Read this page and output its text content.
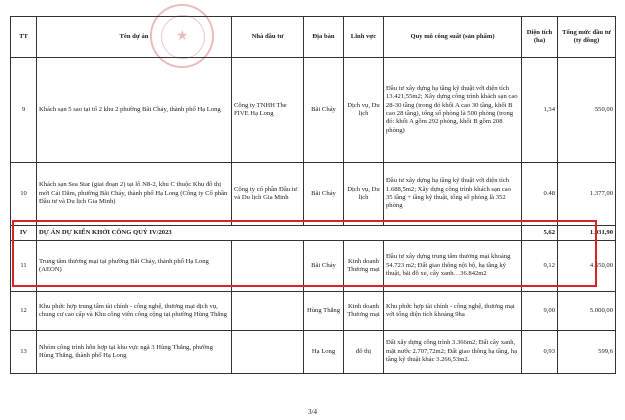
★
TT	Tên dự án	Nhà đầu tư	Địa bàn	Lĩnh vực	Quy mô công suất (sản phẩm)	Diện tích (ha)	Tổng mức đầu tư (tỷ đồng)
9	Khách sạn 5 sao tại tổ 2 khu 2 phường Bãi Cháy, thành phố Hạ Long	Công ty TNHH The FIVE Hạ Long	Bãi Cháy	Dịch vụ, Du lịch	Đầu tư xây dựng hạ tầng kỹ thuật với diện tích 13.421,55m2; Xây dựng công trình khách sạn cao 28-30 tầng (trong đó khối A cao 30 tầng, khối B cao 28 tầng), tổng số phòng là 500 phòng (trong đó: khối A gồm 292 phòng, khối B gồm 208 phòng)	1,34	550,00
10	Khách sạn Sea Star (giai đoạn 2) tại lô N8-2, khu C thuộc Khu đô thị mới Cái Dăm, phường Bãi Cháy, thành phố Hạ Long (Công ty Cổ phần Đầu tư và Du lịch Gia Minh)	Công ty cổ phần Đầu tư và Du lịch Gia Minh	Bãi Cháy	Dịch vụ, Du lịch	Đầu tư xây dựng hạ tầng kỹ thuật với diện tích 1.688,5m2; Xây dựng công trình khách sạn cao 35 tầng + tầng kỹ thuật, tổng số phòng là 352 phòng	0.48	1.377,00
IV	DỰ ÁN DỰ KIẾN KHỞI CÔNG QUÝ IV/2023					5,62	1.931,90
11	Trung tâm thương mại tại phường Bãi Cháy, thành phố Hạ Long (AEON)		Bãi Cháy	Kinh doanh Thương mại	Đầu tư xây dựng trung tâm thương mại khoảng 54.723 m2; Đất giao thông nội bộ, hạ tầng kỹ thuật, bãi đỗ xe, cây xanh…36.842m2	9,12	4.550,00
12	Khu phức hợp trung tâm tài chính - công nghệ, thương mại dịch vụ, chung cư cao cấp và Khu công viên công cộng tại phường Hùng Thắng		Hùng Thắng	Kinh doanh Thương mại	Khu phức hợp tài chính - công nghệ, thương mại với tổng diện tích khoảng 9ha	9,00	5.000,00
13	Nhóm công trình hỗn hợp tại khu vực ngã 3 Hùng Thắng, phường Hùng Thắng, thành phố Hạ Long		Hạ Long	đô thị	Đất xây dựng công trình 3.366m2; Đất cây xanh, mặt nước 2.707,72m2; Đất giao thông hạ tầng, hạ tầng kỹ thuật khác 3.266,53m2.	0,93	599,6
3/4
